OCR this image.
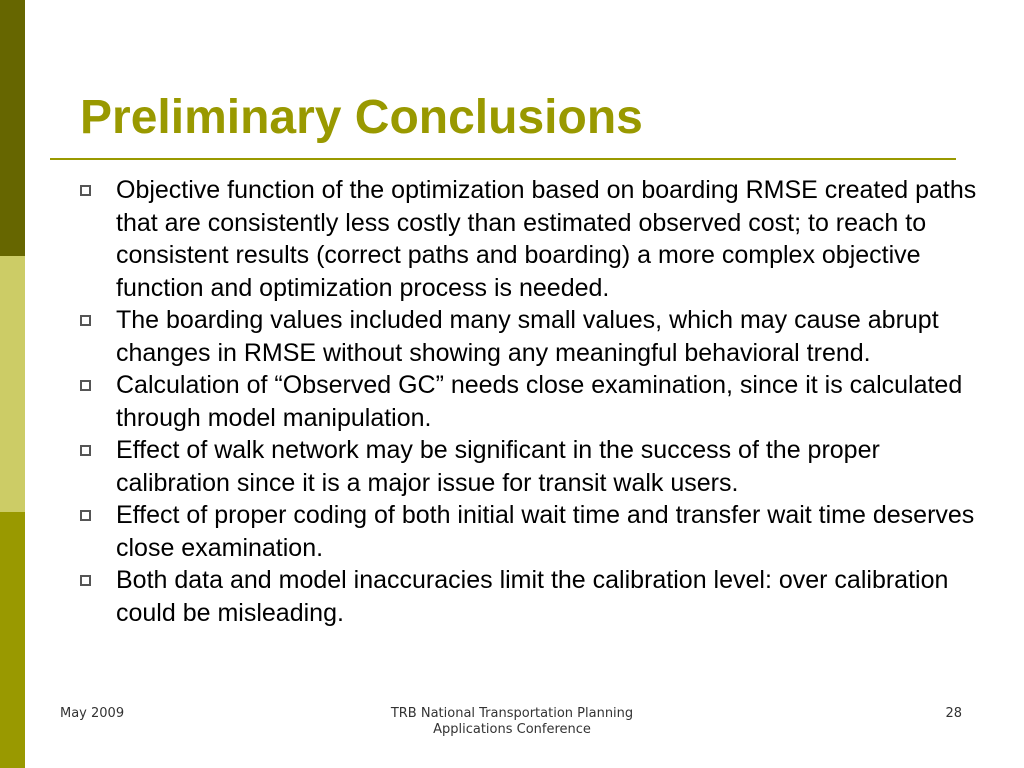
Preliminary Conclusions
Objective function of the optimization based on boarding RMSE created paths that are consistently less costly than estimated observed cost; to reach to consistent results (correct paths and boarding) a more complex objective function and optimization process is needed.
The boarding values included many small values, which may cause abrupt changes in RMSE without showing any meaningful behavioral trend.
Calculation of “Observed GC” needs close examination, since it is calculated through model manipulation.
Effect of walk network may be significant in the success of the proper calibration since it is a major issue for transit walk users.
Effect of proper coding of both initial wait time and transfer wait time deserves close examination.
Both data and model inaccuracies limit the calibration level: over calibration could be misleading.
May 2009	TRB National Transportation Planning
Applications Conference
28
